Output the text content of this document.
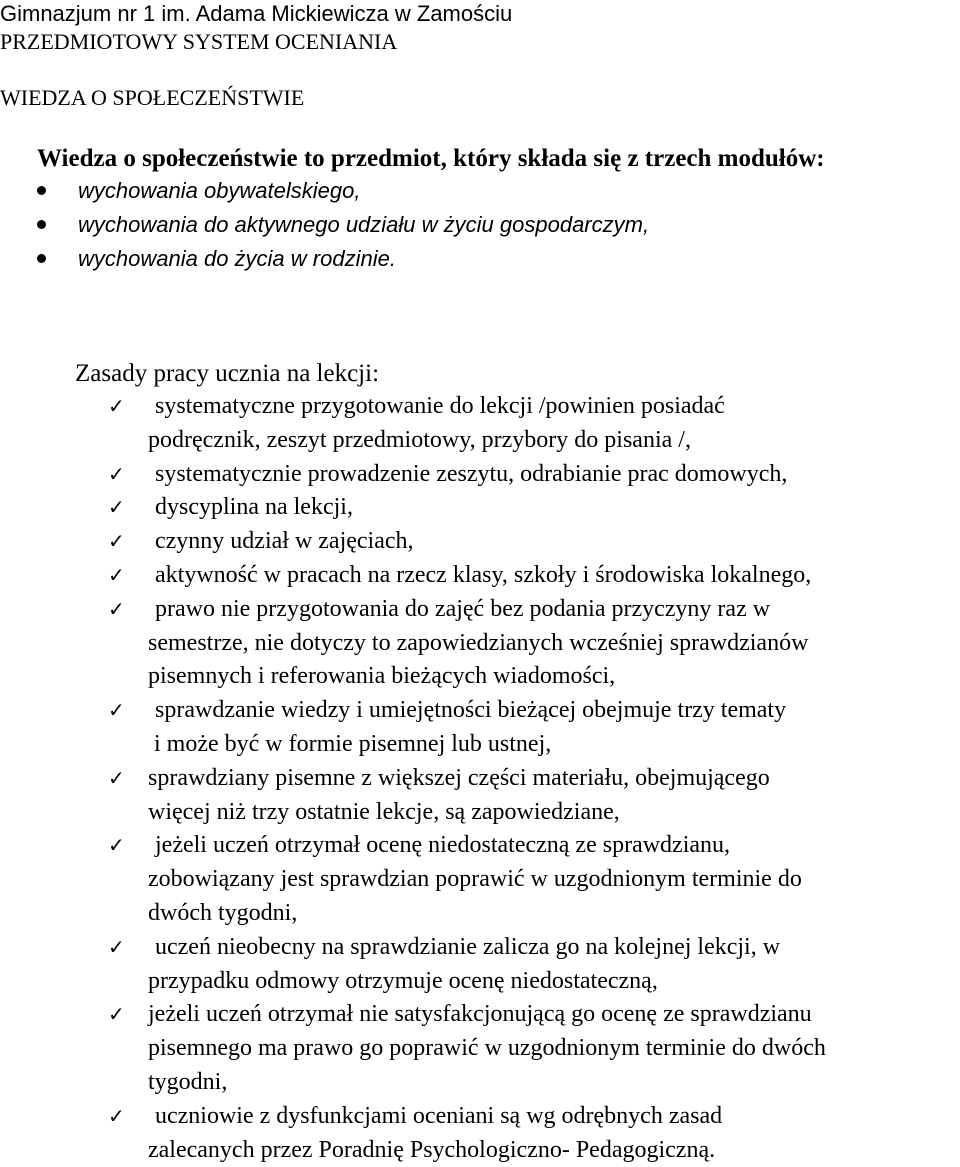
Gimnazjum nr 1 im. Adama Mickiewicza w Zamościu
PRZEDMIOTOWY SYSTEM OCENIANIA
WIEDZA O SPOŁECZEŃSTWIE
Wiedza o społeczeństwie to przedmiot, który składa się z trzech modułów:
wychowania obywatelskiego,
wychowania do aktywnego udziału w życiu gospodarczym,
wychowania do życia w rodzinie.
Zasady pracy ucznia na lekcji:
✓ systematyczne przygotowanie do lekcji /powinien posiadać
podręcznik, zeszyt przedmiotowy, przybory do pisania /,
✓ systematycznie prowadzenie zeszytu, odrabianie prac domowych,
✓ dyscyplina na lekcji,
✓ czynny udział w zajęciach,
✓ aktywność w pracach na rzecz klasy, szkoły i środowiska lokalnego,
✓ prawo nie przygotowania do zajęć bez podania przyczyny raz w
semestrze, nie dotyczy to zapowiedzianych wcześniej sprawdzianów
pisemnych i referowania bieżących wiadomości,
✓ sprawdzanie wiedzy i umiejętności bieżącej obejmuje trzy tematy
i może być w formie pisemnej lub ustnej,
✓ sprawdziany pisemne z większej części materiału, obejmującego
więcej niż trzy ostatnie lekcje, są zapowiedziane,
✓ jeżeli uczeń otrzymał ocenę niedostateczną ze sprawdzianu,
zobowiązany jest sprawdzian poprawić w uzgodnionym terminie do
dwóch tygodni,
✓ uczeń nieobecny na sprawdzianie zalicza go na kolejnej lekcji, w
przypadku odmowy otrzymuje ocenę niedostateczną,
✓ jeżeli uczeń otrzymał nie satysfakcjonującą go ocenę ze sprawdzianu
pisemnego ma prawo go poprawić w uzgodnionym terminie do dwóch
tygodni,
✓ uczniowie z dysfunkcjami oceniani są wg odrębnych zasad
zalecanych przez Poradnię Psychologiczno- Pedagogiczną.
